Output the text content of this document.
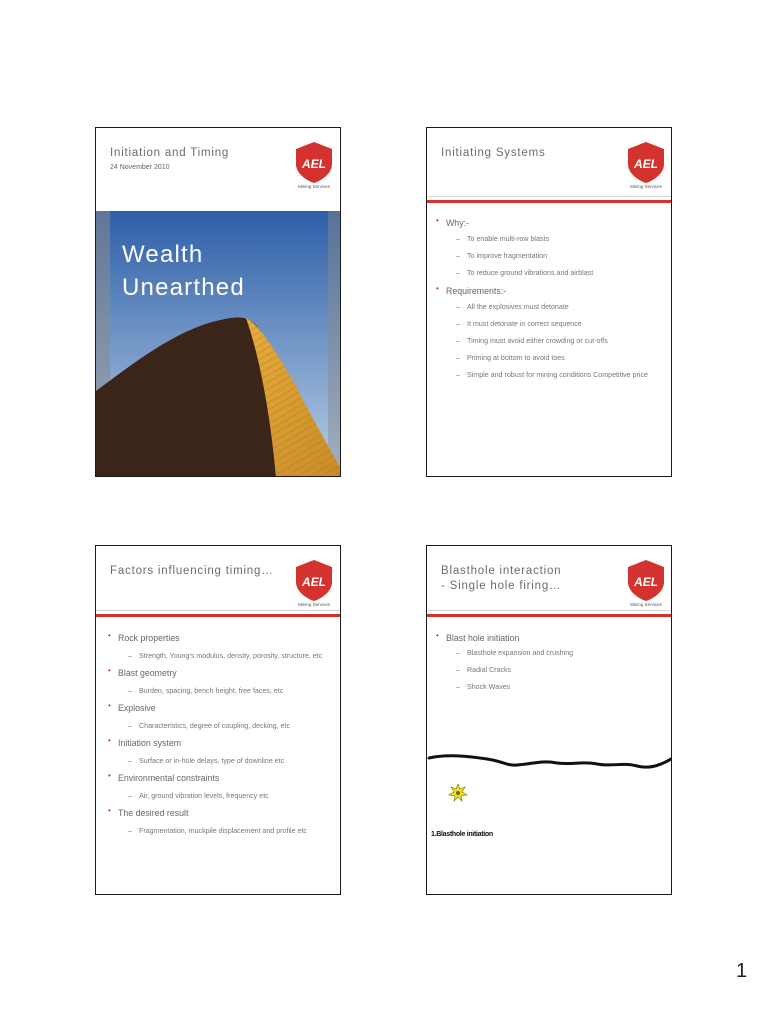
Initiation and Timing
24 November 2010	AEL
Mining Services
Wealth
Unearthed
Initiating Systems
AEL
Mining Services
• Why:-
– To enable multi-row blasts
– To improve fragmentation
– To reduce ground vibrations and airblast
• Requirements:-
– All the explosives must detonate
– It must detonate in correct sequence
– Timing must avoid either crowding or cut-offs
– Priming at bottom to avoid toes
– Simple and robust for mining conditions Competitive price
Factors influencing timing…
AEL
Mining Services
• Rock properties
– Strength, Young's modulus, density, porosity, structure, etc
• Blast geometry
– Burden, spacing, bench height, free faces, etc
• Explosive
– Characteristics, degree of coupling, decking, etc
• Initiation system
– Surface or in-hole delays, type of downline etc
• Environmental constraints
– Air, ground vibration levels, frequency etc
• The desired result
– Fragmentation, muckpile displacement and profile etc
Blasthole interaction
- Single hole firing…	AEL
Mining Services
• Blast hole initiation
– Blasthole expansion and crushing
– Radial Cracks
– Shock Waves
1.Blasthole initiation
1
